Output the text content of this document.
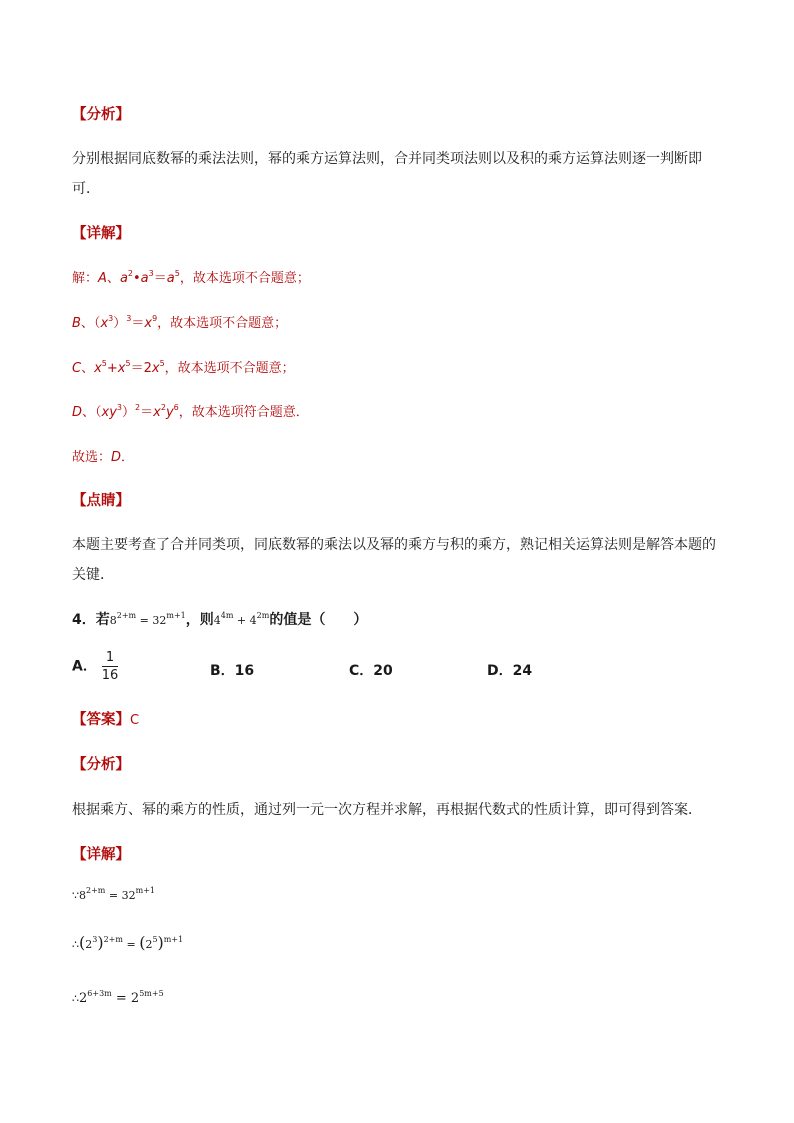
【分析】
分别根据同底数幂的乘法法则，幂的乘方运算法则，合并同类项法则以及积的乘方运算法则逐一判断即
可．
【详解】
解：A、$a^2•a^3=a^5$，故本选项不合题意；
B、$(x^3)^3=x^9$，故本选项不合题意；
C、$x^5+x^5=2x^5$，故本选项不合题意；
D、$(xy^3)^2=x^2y^6$，故本选项符合题意．
故选：D．
【点睛】
本题主要考查了合并同类项，同底数幂的乘法以及幂的乘方与积的乘方，熟记相关运算法则是解答本题的
关键．
4．若$8^{2+m} = 32^{m+1}$，则$4^{4m} + 4^{2m}$的值是（　　）
A． $\frac{1}{16}$	B．16	C．20	D．24
【答案】C
【分析】
根据乘方、幂的乘方的性质，通过列一元一次方程并求解，再根据代数式的性质计算，即可得到答案．
【详解】
$\because 8^{2+m} = 32^{m+1}$
$\therefore(2^3)^{2+m} = (2^5)^{m+1}$
$\therefore 2^{6+3m} = 2^{5m+5}$
